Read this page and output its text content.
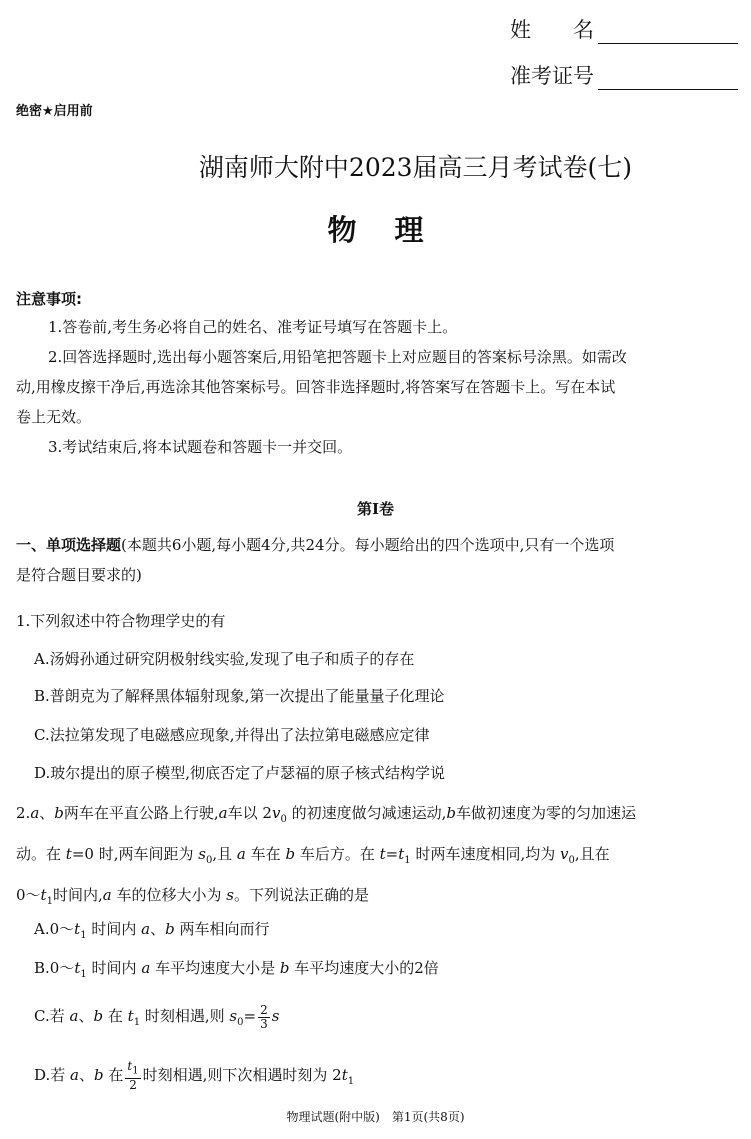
姓　　名
准考证号
绝密★启用前
湖南师大附中2023届高三月考试卷(七)
物理
注意事项:
1.答卷前,考生务必将自己的姓名、准考证号填写在答题卡上。
2.回答选择题时,选出每小题答案后,用铅笔把答题卡上对应题目的答案标号涂黑。如需改
动,用橡皮擦干净后,再选涂其他答案标号。回答非选择题时,将答案写在答题卡上。写在本试
卷上无效。
3.考试结束后,将本试题卷和答题卡一并交回。
第Ⅰ卷
一、单项选择题(本题共6小题,每小题4分,共24分。每小题给出的四个选项中,只有一个选项
是符合题目要求的)
1.下列叙述中符合物理学史的有
A.汤姆孙通过研究阴极射线实验,发现了电子和质子的存在
B.普朗克为了解释黑体辐射现象,第一次提出了能量量子化理论
C.法拉第发现了电磁感应现象,并得出了法拉第电磁感应定律
D.玻尔提出的原子模型,彻底否定了卢瑟福的原子核式结构学说
2.a、b两车在平直公路上行驶,a车以 $2v_0$ 的初速度做匀减速运动,b车做初速度为零的匀加速运
动。在 t=0 时,两车间距为 $s_0$,且 a 车在 b 车后方。在 $t=t_1$ 时两车速度相同,均为 $v_0$,且在
$0\sim t_1$时间内,a 车的位移大小为 s。下列说法正确的是
$A.0\sim t_1$ 时间内 a、b 两车相向而行
$B.0\sim t_1$ 时间内 a 车平均速度大小是 b 车平均速度大小的2倍
C.若 a、b 在 $t_1$ 时刻相遇,则 $s_0= \frac{2}{3}$ s
D.若 a、b 在 $\frac{t_1}{2}$ 时刻相遇,则下次相遇时刻为 $2t_1$
物理试题(附中版)　第1页(共8页)
